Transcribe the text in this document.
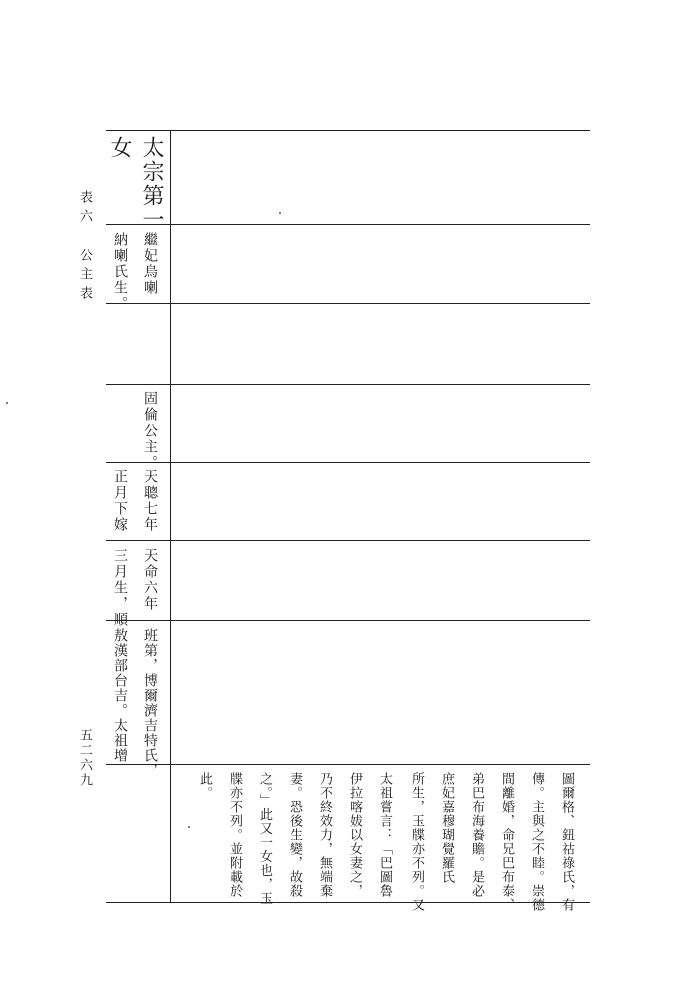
表六
公主表
五二六九
女 太宗第一
繼妃烏喇
納喇氏生。
固倫公主。
天聰七年
正月下嫁
天命六年
三月生，順
班第，博爾濟吉特氏，
敖漢部台吉。太祖增
圖爾格、鈕祜祿氏，有
傳。主與之不睦。崇德
間離婚，命兄巴布泰、
弟巴布海養贍。是必
庶妃嘉穆瑚覺羅氏
所生，玉牒亦不列。又
太祖嘗言：「巴圖魯
伊拉喀妭以女妻之，
乃不終效力，無端棄
妻。恐後生變，故殺
之。」此又一女也，玉
牒亦不列。並附載於
此。
